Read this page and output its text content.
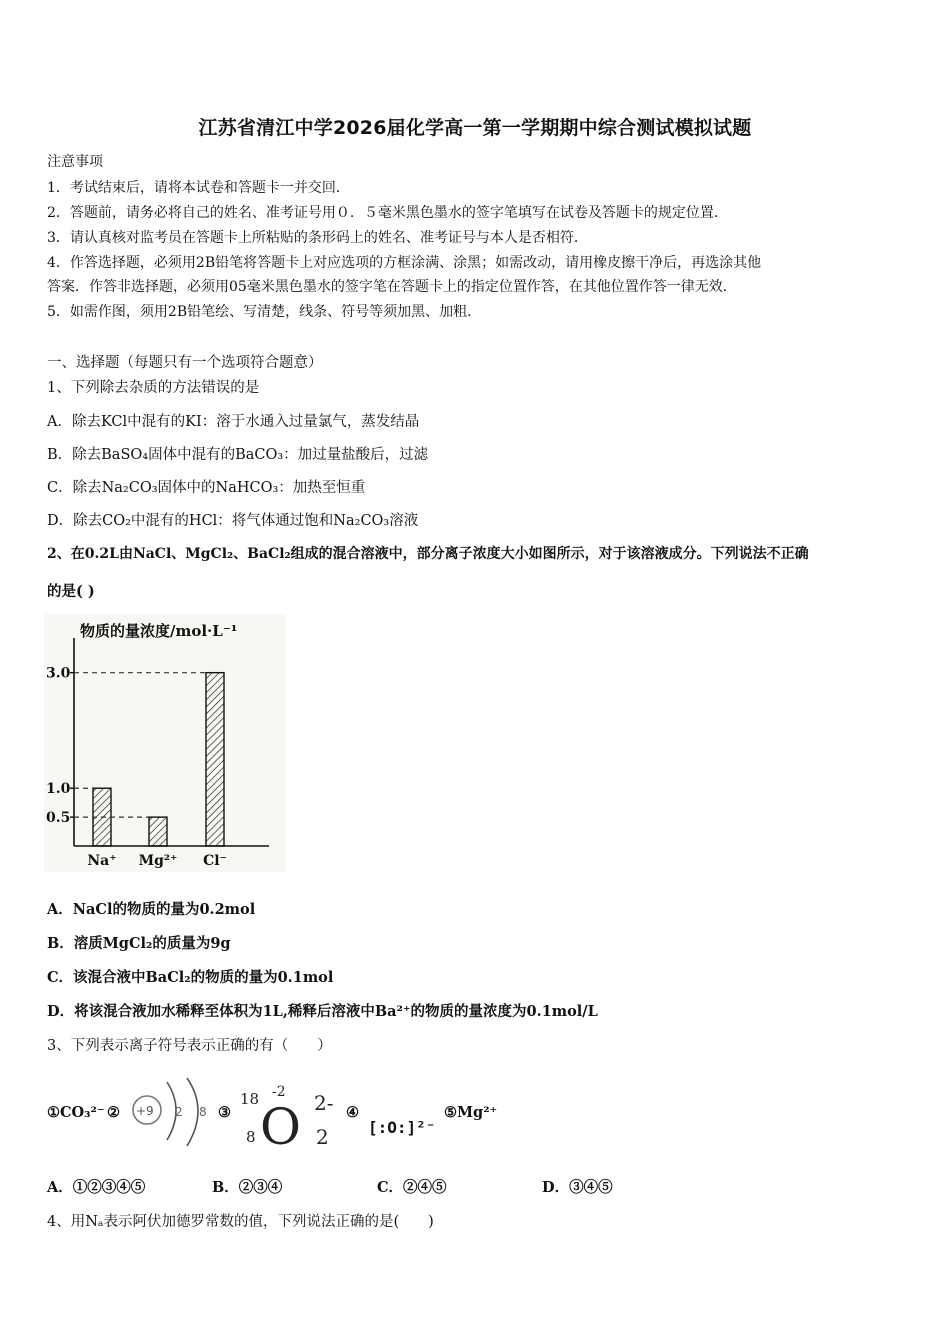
江苏省清江中学2026届化学高一第一学期期中综合测试模拟试题
注意事项
1．考试结束后，请将本试卷和答题卡一并交回．
2．答题前，请务必将自己的姓名、准考证号用０．５毫米黑色墨水的签字笔填写在试卷及答题卡的规定位置．
3．请认真核对监考员在答题卡上所粘贴的条形码上的姓名、准考证号与本人是否相符．
4．作答选择题，必须用2B铅笔将答题卡上对应选项的方框涂满、涂黑；如需改动，请用橡皮擦干净后，再选涂其他
答案．作答非选择题，必须用05毫米黑色墨水的签字笔在答题卡上的指定位置作答，在其他位置作答一律无效．
5．如需作图，须用2B铅笔绘、写清楚，线条、符号等须加黑、加粗．
一、选择题（每题只有一个选项符合题意）
1、下列除去杂质的方法错误的是
A．除去KCl中混有的KI：溶于水通入过量氯气，蒸发结晶
B．除去BaSO₄固体中混有的BaCO₃：加过量盐酸后，过滤
C．除去Na₂CO₃固体中的NaHCO₃：加热至恒重
D．除去CO₂中混有的HCl：将气体通过饱和Na₂CO₃溶液
2、在0.2L由NaCl、MgCl₂、BaCl₂组成的混合溶液中，部分离子浓度大小如图所示，对于该溶液成分。下列说法不正确
的是( )
物质的量浓度/mol·L⁻¹
3.0
1.0
0.5
Na⁺ Mg²⁺ Cl⁻
A．NaCl的物质的量为0.2mol
B．溶质MgCl₂的质量为9g
C．该混合液中BaCl₂的物质的量为0.1mol
D．将该混合液加水稀释至体积为1L,稀释后溶液中Ba²⁺的物质的量浓度为0.1mol/L
3、下列表示离子符号表示正确的有（　　）
①CO₃²⁻ ② +9 2 8 ③
18
8
-2
O 2-
2
④
[:O:]²⁻
⑤Mg²⁺
A．①②③④⑤	B．②③④	C．②④⑤	D．③④⑤
4、用Nₐ表示阿伏加德罗常数的值，下列说法正确的是(　　)
